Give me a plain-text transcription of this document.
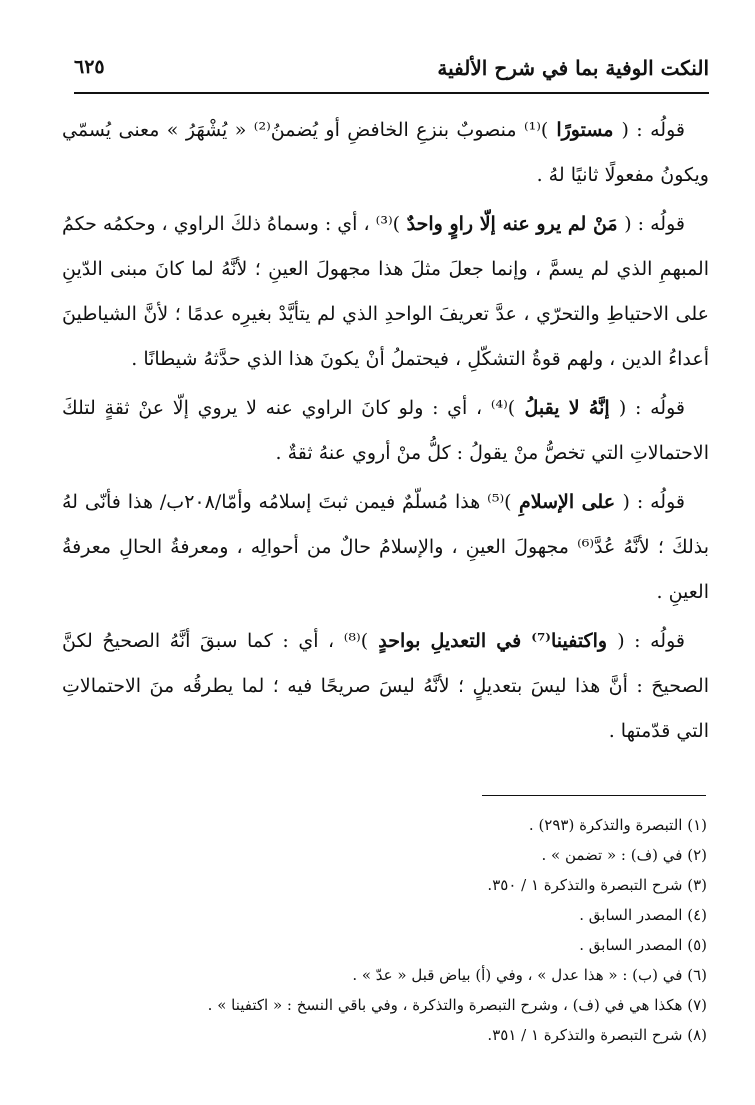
النكت الوفية بما في شرح الألفية
٦٢٥

قولُه : ( مستورًا )⁽¹⁾ منصوبٌ بنزعِ الخافضِ أو يُضمنُ⁽²⁾ « يُشْهَرُ » معنى يُسمّي ويكونُ مفعولًا ثانيًا لهُ .

قولُه : ( مَنْ لم يرو عنه إلّا راوٍ واحدٌ )⁽³⁾ ، أي : وسماهُ ذلكَ الراوي ، وحكمُه حكمُ المبهمِ الذي لم يسمَّ ، وإنما جعلَ مثلَ هذا مجهولَ العينِ ؛ لأنَّهُ لما كانَ مبنى الدّينِ على الاحتياطِ والتحرّي ، عدَّ تعريفَ الواحدِ الذي لم يتأيَّدْ بغيرِه عدمًا ؛ لأنَّ الشياطينَ أعداءُ الدين ، ولهم قوةُ التشكّلِ ، فيحتملُ أنْ يكونَ هذا الذي حدَّثهُ شيطانًا .

قولُه : ( إنَّهُ لا يقبلُ )⁽⁴⁾ ، أي : ولو كانَ الراوي عنه لا يروي إلّا عنْ ثقةٍ لتلكَ الاحتمالاتِ التي تخصُّ منْ يقولُ : كلُّ منْ أروي عنهُ ثقةٌ .

قولُه : ( على الإسلامِ )⁽⁵⁾ هذا مُسلّمٌ فيمن ثبتَ إسلامُه وأمّا/٢٠٨ب/ هذا فأنّى لهُ بذلكَ ؛ لأنَّهُ عُدَّ⁽⁶⁾ مجهولَ العينِ ، والإسلامُ حالٌ من أحوالِه ، ومعرفةُ الحالِ معرفةُ العينِ .

قولُه : ( واكتفينا⁽⁷⁾ في التعديلِ بواحدٍ )⁽⁸⁾ ، أي : كما سبقَ أنَّهُ الصحيحُ لكنَّ الصحيحَ : أنَّ هذا ليسَ بتعديلٍ ؛ لأنَّهُ ليسَ صريحًا فيه ؛ لما يطرقُه منَ الاحتمالاتِ التي قدّمتها .

(١) التبصرة والتذكرة (٢٩٣) .
(٢) في (ف) : « تضمن » .
(٣) شرح التبصرة والتذكرة ١ / ٣٥٠.
(٤) المصدر السابق .
(٥) المصدر السابق .
(٦) في (ب) : « هذا عدل » ، وفي (أ) بياض قبل « عدّ » .
(٧) هكذا هي في (ف) ، وشرح التبصرة والتذكرة ، وفي باقي النسخ : « اكتفينا » .
(٨) شرح التبصرة والتذكرة ١ / ٣٥١.
